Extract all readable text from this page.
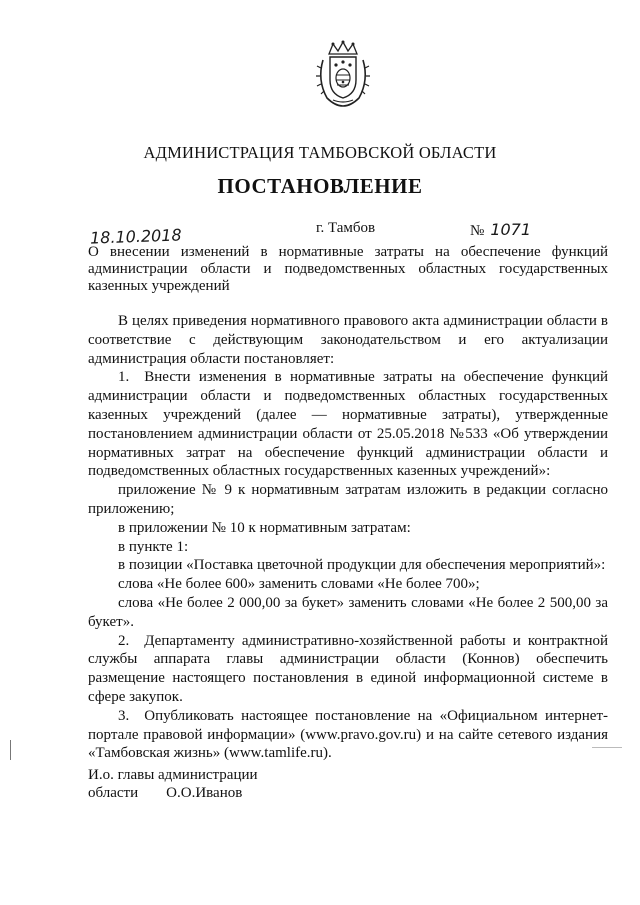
АДМИНИСТРАЦИЯ ТАМБОВСКОЙ ОБЛАСТИ
ПОСТАНОВЛЕНИЕ
18.10.2018	г. Тамбов	№ 1071
О внесении изменений в нормативные затраты на обеспечение функций администрации области и подведомственных областных государственных казенных учреждений

В целях приведения нормативного правового акта администрации области в соответствие с действующим законодательством и его актуализации администрация области постановляет:

1. Внести изменения в нормативные затраты на обеспечение функций администрации области и подведомственных областных государственных казенных учреждений (далее — нормативные затраты), утвержденные постановлением администрации области от 25.05.2018 №533 «Об утверждении нормативных затрат на обеспечение функций администрации области и подведомственных областных государственных казенных учреждений»:

приложение № 9 к нормативным затратам изложить в редакции согласно приложению;

в приложении № 10 к нормативным затратам:

в пункте 1:

в позиции «Поставка цветочной продукции для обеспечения мероприятий»:

слова «Не более 600» заменить словами «Не более 700»;

слова «Не более 2 000,00 за букет» заменить словами «Не более 2 500,00 за букет».

2. Департаменту административно-хозяйственной работы и контрактной службы аппарата главы администрации области (Коннов) обеспечить размещение настоящего постановления в единой информационной системе в сфере закупок.

3. Опубликовать настоящее постановление на «Официальном интернет-портале правовой информации» (www.pravo.gov.ru) и на сайте сетевого издания «Тамбовская жизнь» (www.tamlife.ru).

И.о. главы администрации
области О.О.Иванов
